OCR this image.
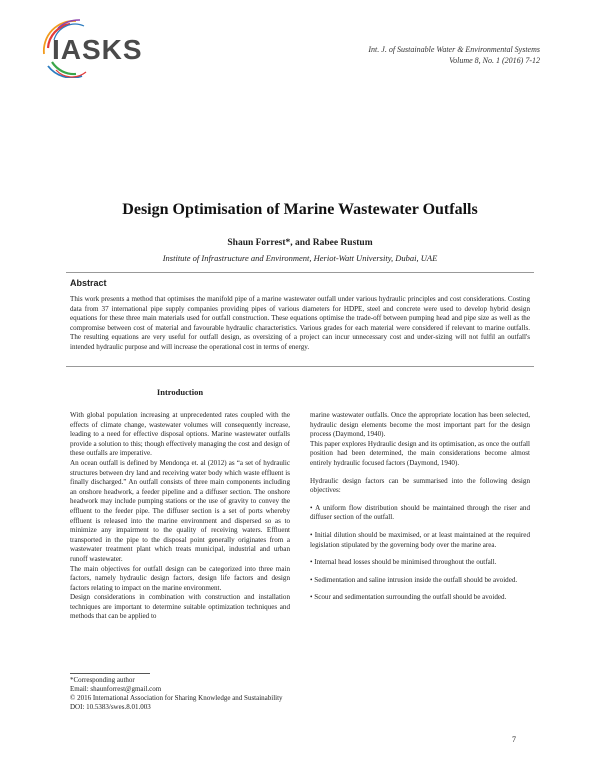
IASKS	Int. J. of Sustainable Water & Environmental Systems
Volume 8, No. 1 (2016) 7-12
Design Optimisation of Marine Wastewater Outfalls
Shaun Forrest*, and Rabee Rustum
Institute of Infrastructure and Environment, Heriot-Watt University, Dubai, UAE
Abstract
This work presents a method that optimises the manifold pipe of a marine wastewater outfall under various hydraulic principles and cost considerations. Costing data from 37 international pipe supply companies providing pipes of various diameters for HDPE, steel and concrete were used to develop hybrid design equations for these three main materials used for outfall construction. These equations optimise the trade-off between pumping head and pipe size as well as the compromise between cost of material and favourable hydraulic characteristics. Various grades for each material were considered if relevant to marine outfalls. The resulting equations are very useful for outfall design, as oversizing of a project can incur unnecessary cost and under-sizing will not fulfil an outfall's intended hydraulic purpose and will increase the operational cost in terms of energy.
Introduction

With global population increasing at unprecedented rates coupled with the effects of climate change, wastewater volumes will consequently increase, leading to a need for effective disposal options. Marine wastewater outfalls provide a solution to this; though effectively managing the cost and design of these outfalls are imperative.

An ocean outfall is defined by Mendonça et. al (2012) as “a set of hydraulic structures between dry land and receiving water body which waste effluent is finally discharged.” An outfall consists of three main components including an onshore headwork, a feeder pipeline and a diffuser section. The onshore headwork may include pumping stations or the use of gravity to convey the effluent to the feeder pipe. The diffuser section is a set of ports whereby effluent is released into the marine environment and dispersed so as to minimize any impairment to the quality of receiving waters. Effluent transported in the pipe to the disposal point generally originates from a wastewater treatment plant which treats municipal, industrial and urban runoff wastewater.

The main objectives for outfall design can be categorized into three main factors, namely hydraulic design factors, design life factors and design factors relating to impact on the marine environment.

Design considerations in combination with construction and installation techniques are important to determine suitable optimization techniques and methods that can be applied to

marine wastewater outfalls. Once the appropriate location has been selected, hydraulic design elements become the most important part for the design process (Daymond, 1940).

This paper explores Hydraulic design and its optimisation, as once the outfall position had been determined, the main considerations become almost entirely hydraulic focused factors (Daymond, 1940).

Hydraulic design factors can be summarised into the following design objectives:

• A uniform flow distribution should be maintained through the riser and diffuser section of the outfall.

• Initial dilution should be maximised, or at least maintained at the required legislation stipulated by the governing body over the marine area.

• Internal head losses should be minimised throughout the outfall.

• Sedimentation and saline intrusion inside the outfall should be avoided.

• Scour and sedimentation surrounding the outfall should be avoided.

*Corresponding author
Email: shaunforrest@gmail.com
© 2016 International Association for Sharing Knowledge and Sustainability
DOI: 10.5383/swes.8.01.003
7
